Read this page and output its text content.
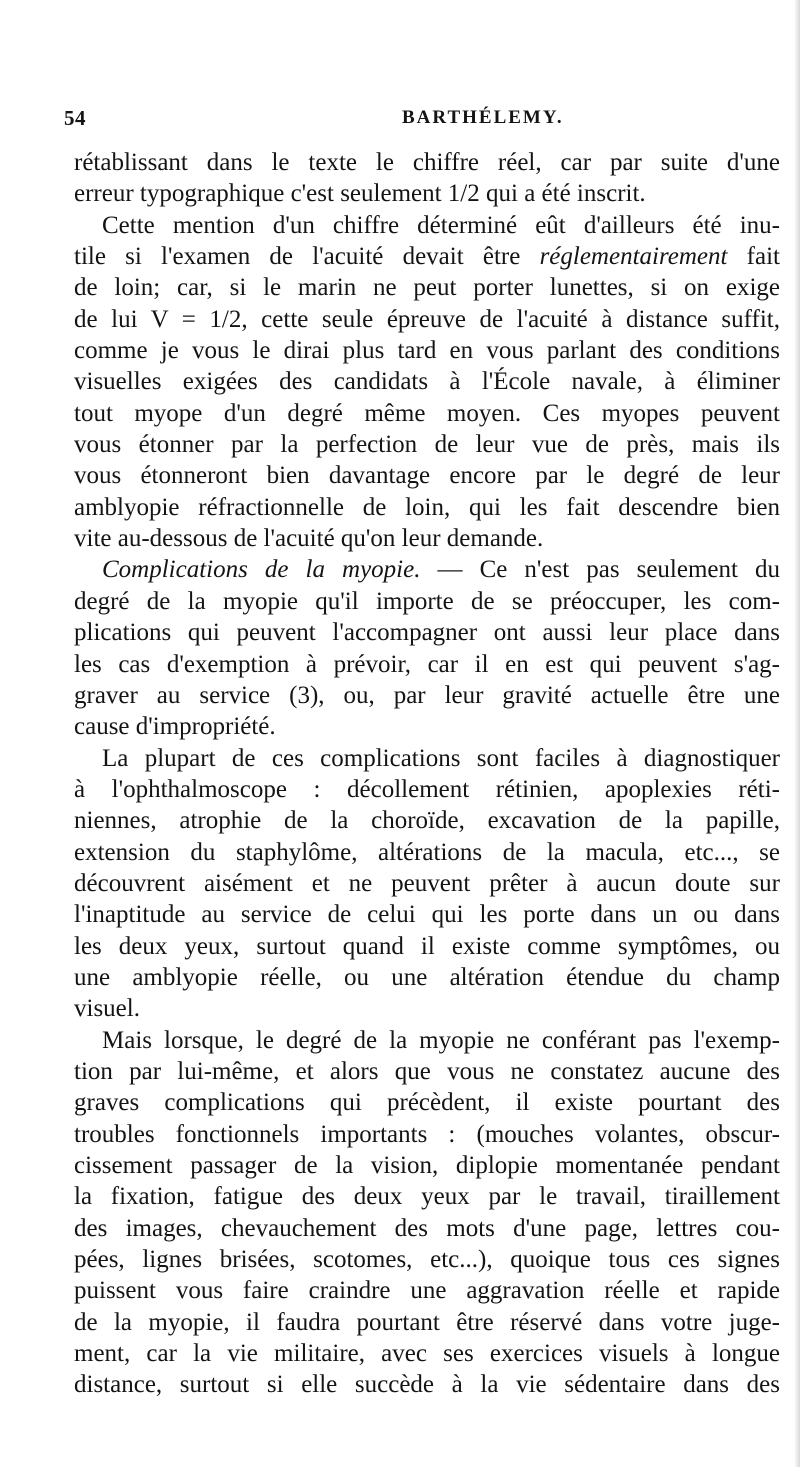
54	BARTHÉLEMY.
rétablissant dans le texte le chiffre réel, car par suite d'une
erreur typographique c'est seulement 1/2 qui a été inscrit.
Cette mention d'un chiffre déterminé eût d'ailleurs été inu-
tile si l'examen de l'acuité devait être réglementairement fait
de loin; car, si le marin ne peut porter lunettes, si on exige
de lui V = 1/2, cette seule épreuve de l'acuité à distance suffit,
comme je vous le dirai plus tard en vous parlant des conditions
visuelles exigées des candidats à l'École navale, à éliminer
tout myope d'un degré même moyen. Ces myopes peuvent
vous étonner par la perfection de leur vue de près, mais ils
vous étonneront bien davantage encore par le degré de leur
amblyopie réfractionnelle de loin, qui les fait descendre bien
vite au-dessous de l'acuité qu'on leur demande.
Complications de la myopie. — Ce n'est pas seulement du
degré de la myopie qu'il importe de se préoccuper, les com-
plications qui peuvent l'accompagner ont aussi leur place dans
les cas d'exemption à prévoir, car il en est qui peuvent s'ag-
graver au service (3), ou, par leur gravité actuelle être une
cause d'impropriété.
La plupart de ces complications sont faciles à diagnostiquer
à l'ophthalmoscope : décollement rétinien, apoplexies réti-
niennes, atrophie de la choroïde, excavation de la papille,
extension du staphylôme, altérations de la macula, etc..., se
découvrent aisément et ne peuvent prêter à aucun doute sur
l'inaptitude au service de celui qui les porte dans un ou dans
les deux yeux, surtout quand il existe comme symptômes, ou
une amblyopie réelle, ou une altération étendue du champ
visuel.
Mais lorsque, le degré de la myopie ne conférant pas l'exemp-
tion par lui-même, et alors que vous ne constatez aucune des
graves complications qui précèdent, il existe pourtant des
troubles fonctionnels importants : (mouches volantes, obscur-
cissement passager de la vision, diplopie momentanée pendant
la fixation, fatigue des deux yeux par le travail, tiraillement
des images, chevauchement des mots d'une page, lettres cou-
pées, lignes brisées, scotomes, etc...), quoique tous ces signes
puissent vous faire craindre une aggravation réelle et rapide
de la myopie, il faudra pourtant être réservé dans votre juge-
ment, car la vie militaire, avec ses exercices visuels à longue
distance, surtout si elle succède à la vie sédentaire dans des
